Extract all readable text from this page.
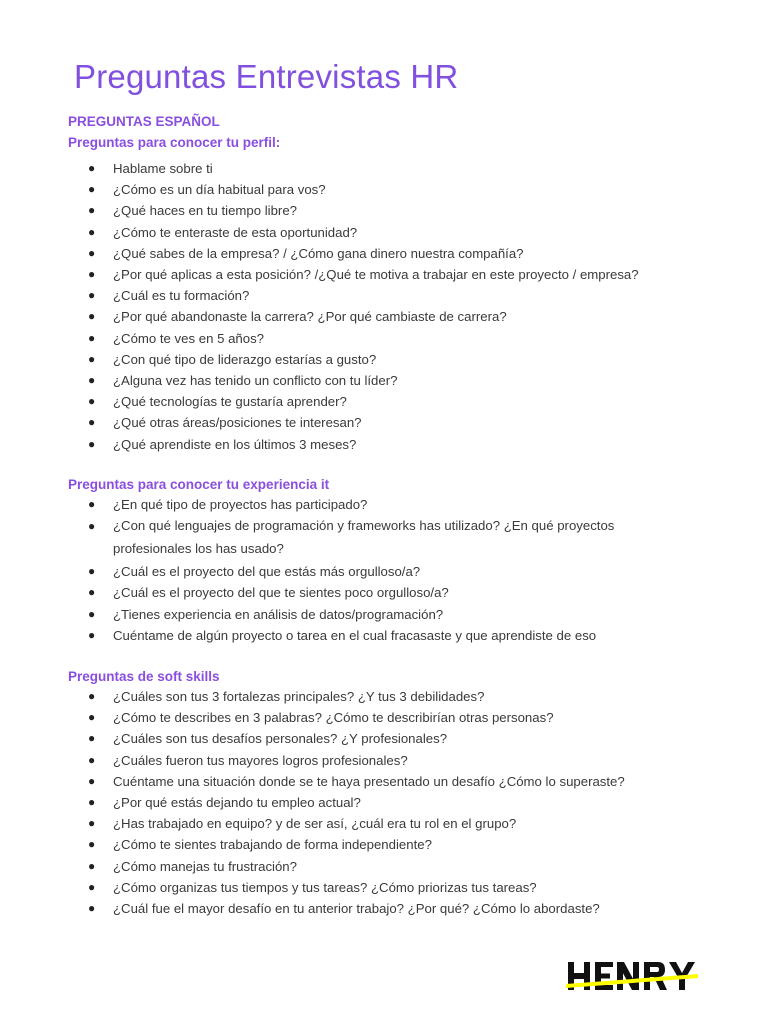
Preguntas Entrevistas HR
PREGUNTAS ESPAÑOL
Preguntas para conocer tu perfil:
● Hablame sobre ti
● ¿Cómo es un día habitual para vos?
● ¿Qué haces en tu tiempo libre?
● ¿Cómo te enteraste de esta oportunidad?
● ¿Qué sabes de la empresa? / ¿Cómo gana dinero nuestra compañía?
● ¿Por qué aplicas a esta posición? /¿Qué te motiva a trabajar en este proyecto / empresa?
● ¿Cuál es tu formación?
● ¿Por qué abandonaste la carrera? ¿Por qué cambiaste de carrera?
● ¿Cómo te ves en 5 años?
● ¿Con qué tipo de liderazgo estarías a gusto?
● ¿Alguna vez has tenido un conflicto con tu líder?
● ¿Qué tecnologías te gustaría aprender?
● ¿Qué otras áreas/posiciones te interesan?
● ¿Qué aprendiste en los últimos 3 meses?
Preguntas para conocer tu experiencia it
● ¿En qué tipo de proyectos has participado?
● ¿Con qué lenguajes de programación y frameworks has utilizado? ¿En qué proyectos profesionales los has usado?
● ¿Cuál es el proyecto del que estás más orgulloso/a?
● ¿Cuál es el proyecto del que te sientes poco orgulloso/a?
● ¿Tienes experiencia en análisis de datos/programación?
● Cuéntame de algún proyecto o tarea en el cual fracasaste y que aprendiste de eso
Preguntas de soft skills
● ¿Cuáles son tus 3 fortalezas principales? ¿Y tus 3 debilidades?
● ¿Cómo te describes en 3 palabras? ¿Cómo te describirían otras personas?
● ¿Cuáles son tus desafíos personales? ¿Y profesionales?
● ¿Cuáles fueron tus mayores logros profesionales?
● Cuéntame una situación donde se te haya presentado un desafío ¿Cómo lo superaste?
● ¿Por qué estás dejando tu empleo actual?
● ¿Has trabajado en equipo? y de ser así, ¿cuál era tu rol en el grupo?
● ¿Cómo te sientes trabajando de forma independiente?
● ¿Cómo manejas tu frustración?
● ¿Cómo organizas tus tiempos y tus tareas? ¿Cómo priorizas tus tareas?
● ¿Cuál fue el mayor desafío en tu anterior trabajo? ¿Por qué? ¿Cómo lo abordaste?
